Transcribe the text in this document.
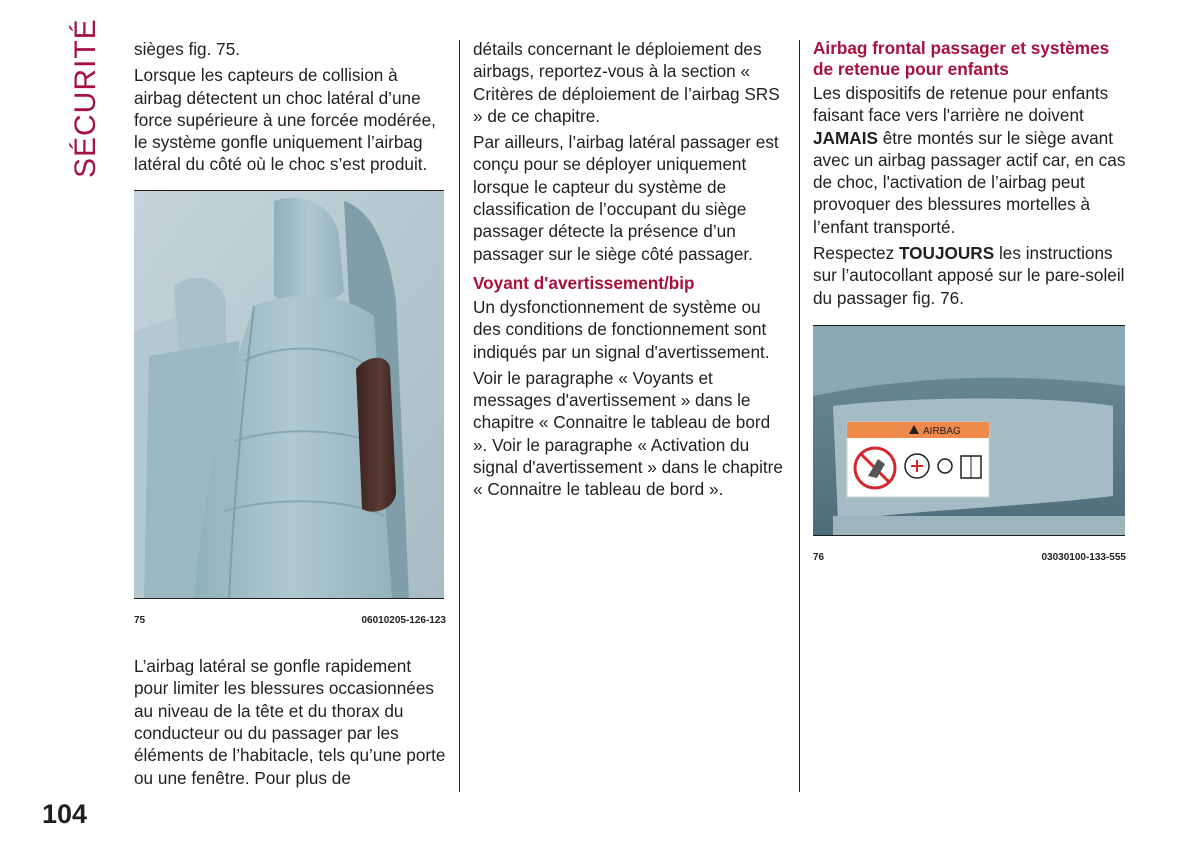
SÉCURITÉ
104

sièges fig. 75.

Lorsque les capteurs de collision à airbag détectent un choc latéral d’une force supérieure à une forcée modérée, le système gonfle uniquement l’airbag latéral du côté où le choc s’est produit.

75	06010205-126-123

L’airbag latéral se gonfle rapidement pour limiter les blessures occasionnées au niveau de la tête et du thorax du conducteur ou du passager par les éléments de l’habitacle, tels qu’une porte ou une fenêtre. Pour plus de

détails concernant le déploiement des airbags, reportez-vous à la section « Critères de déploiement de l’airbag SRS » de ce chapitre.

Par ailleurs, l’airbag latéral passager est conçu pour se déployer uniquement lorsque le capteur du système de classification de l’occupant du siège passager détecte la présence d’un passager sur le siège côté passager.

Voyant d'avertissement/bip

Un dysfonctionnement de système ou des conditions de fonctionnement sont indiqués par un signal d'avertissement.

Voir le paragraphe « Voyants et messages d'avertissement » dans le chapitre « Connaitre le tableau de bord ». Voir le paragraphe « Activation du signal d'avertissement » dans le chapitre « Connaitre le tableau de bord ».

Airbag frontal passager et systèmes de retenue pour enfants

Les dispositifs de retenue pour enfants faisant face vers l'arrière ne doivent JAMAIS être montés sur le siège avant avec un airbag passager actif car, en cas de choc, l'activation de l’airbag peut provoquer des blessures mortelles à l’enfant transporté.

Respectez TOUJOURS les instructions sur l’autocollant apposé sur le pare-soleil du passager fig. 76.

AIRBAG
76	03030100-133-555
